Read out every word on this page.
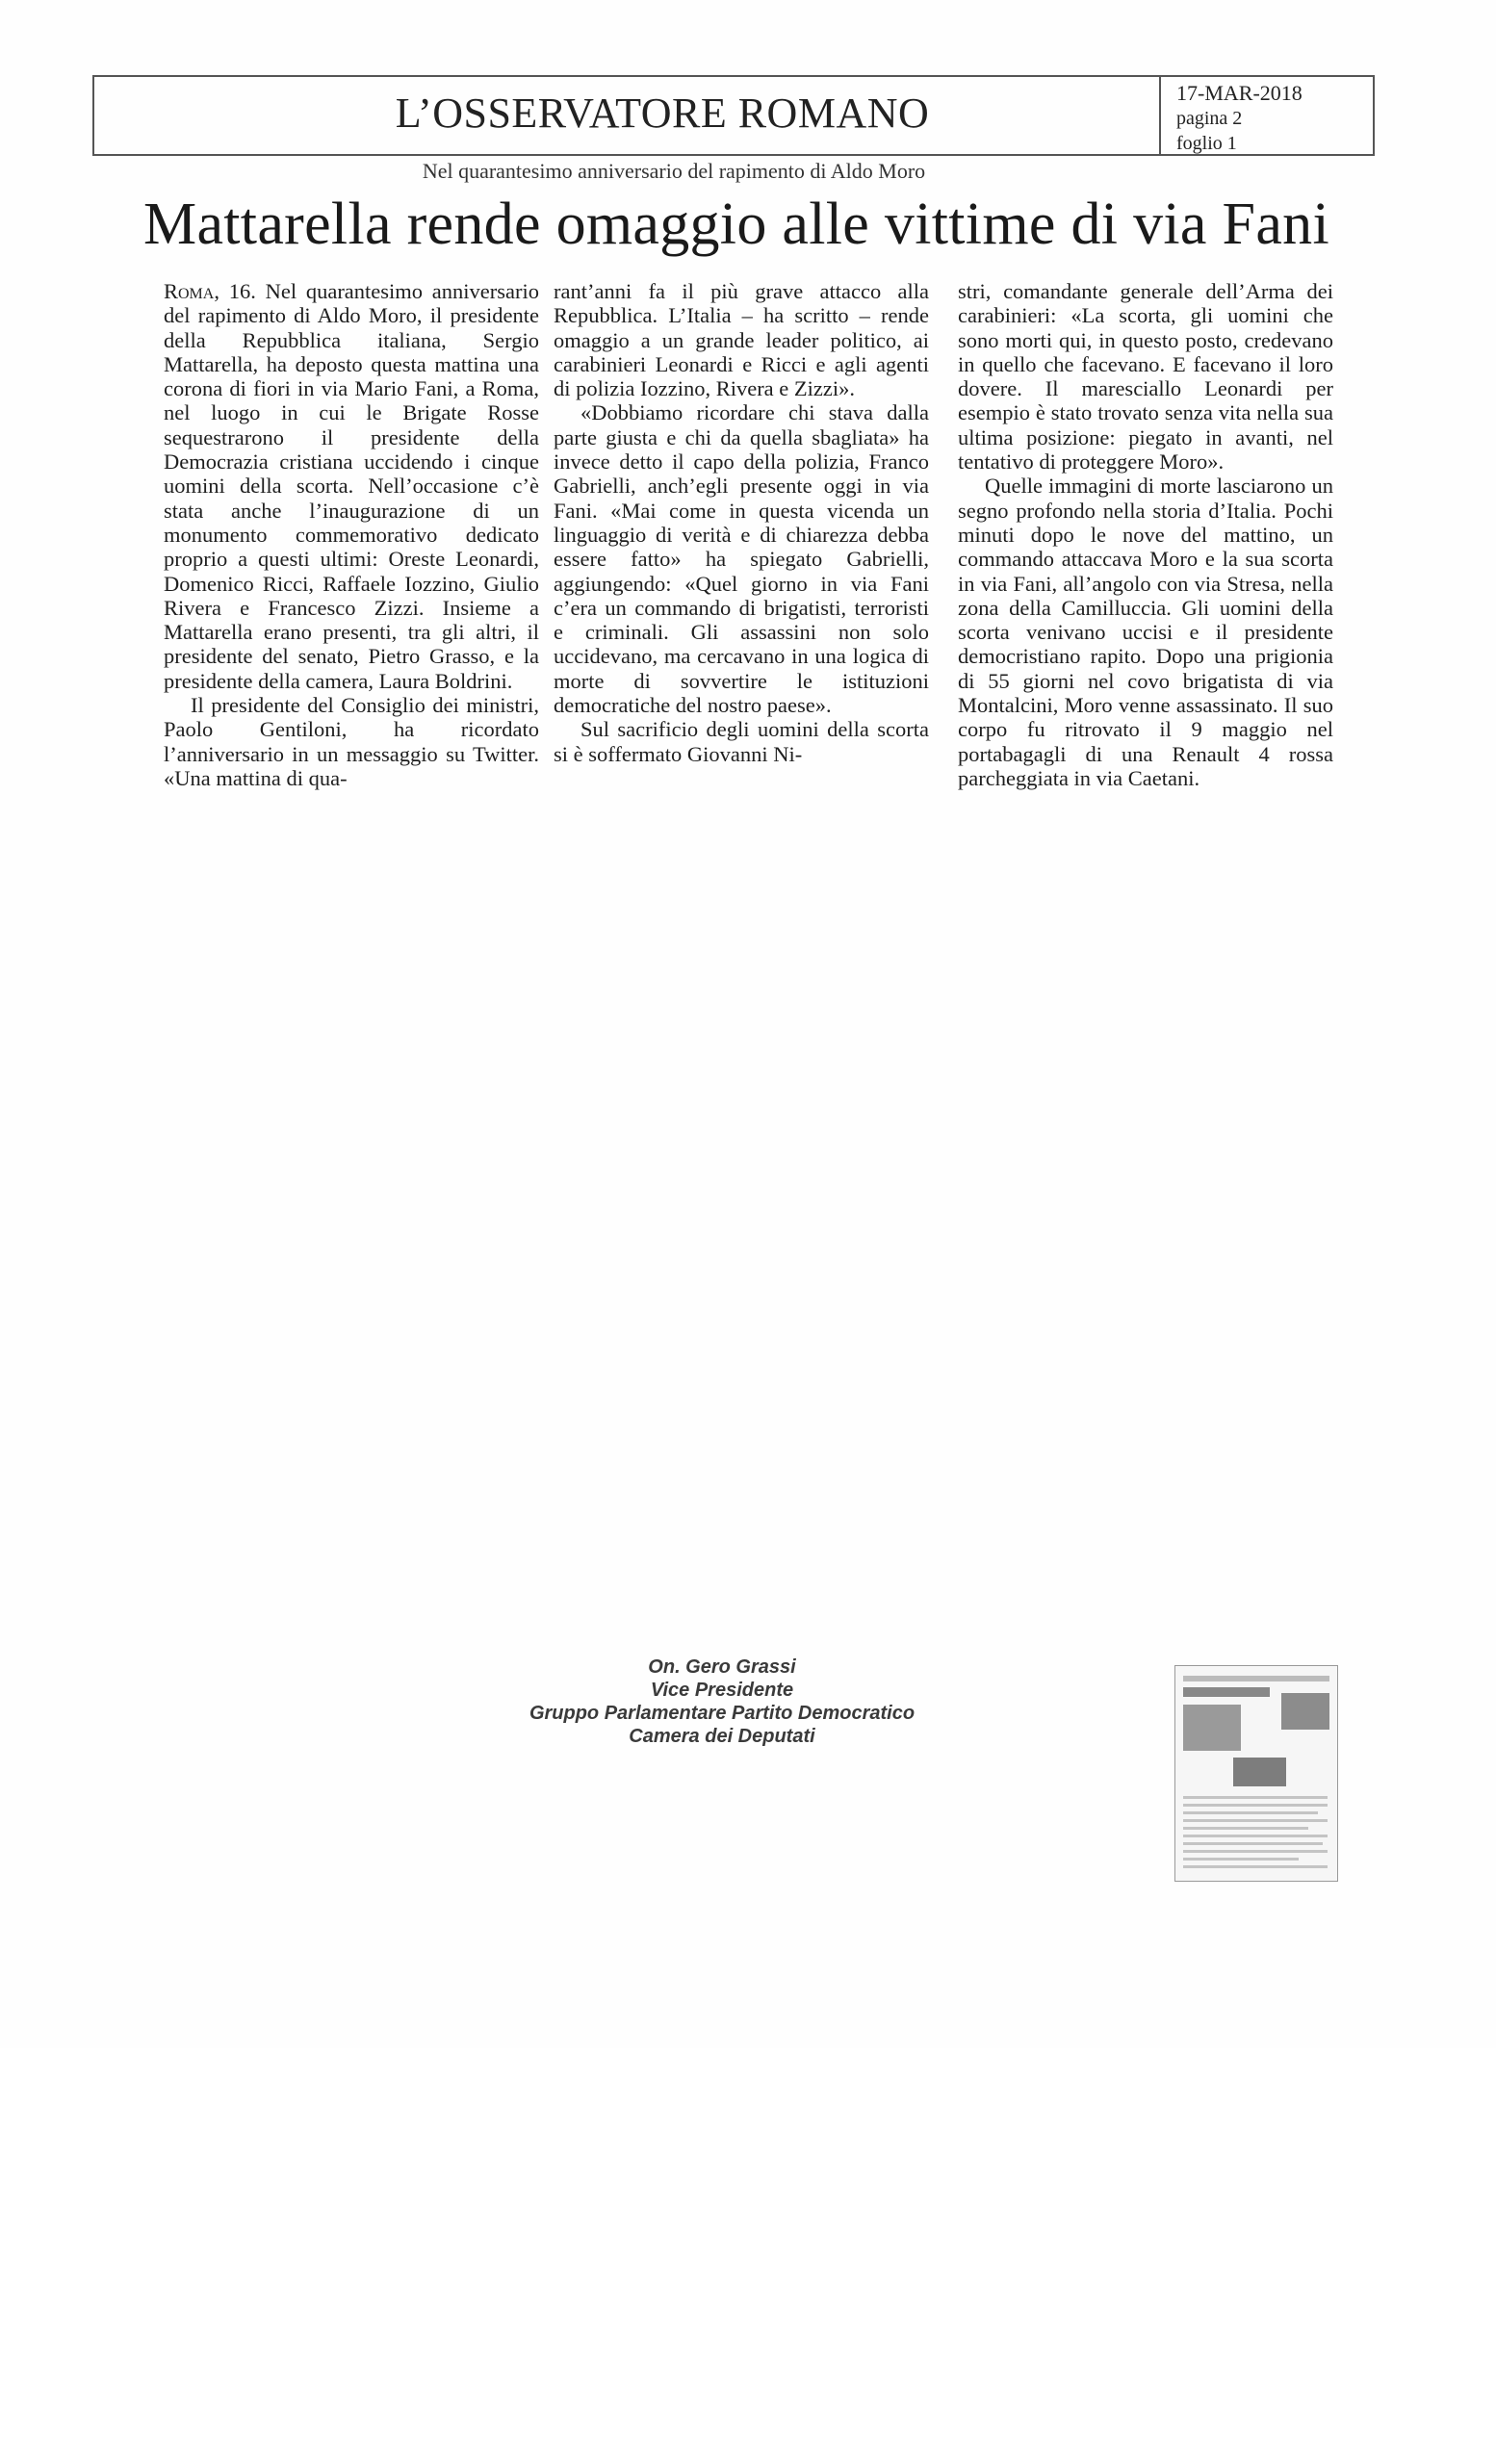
L’OSSERVATORE ROMANO	17-MAR-2018
pagina 2
foglio 1
Nel quarantesimo anniversario del rapimento di Aldo Moro
Mattarella rende omaggio alle vittime di via Fani

Roma, 16. Nel quarantesimo anniversario del rapimento di Aldo Moro, il presidente della Repubblica italiana, Sergio Mattarella, ha deposto questa mattina una corona di fiori in via Mario Fani, a Roma, nel luogo in cui le Brigate Rosse sequestrarono il presidente della Democrazia cristiana uccidendo i cinque uomini della scorta. Nell’occasione c’è stata anche l’inaugurazione di un monumento commemorativo dedicato proprio a questi ultimi: Oreste Leonardi, Domenico Ricci, Raffaele Iozzino, Giulio Rivera e Francesco Zizzi. Insieme a Mattarella erano presenti, tra gli altri, il presidente del senato, Pietro Grasso, e la presidente della camera, Laura Boldrini.

Il presidente del Consiglio dei ministri, Paolo Gentiloni, ha ricordato l’anniversario in un messaggio su Twitter. «Una mattina di qua-

rant’anni fa il più grave attacco alla Repubblica. L’Italia – ha scritto – rende omaggio a un grande leader politico, ai carabinieri Leonardi e Ricci e agli agenti di polizia Iozzino, Rivera e Zizzi».

«Dobbiamo ricordare chi stava dalla parte giusta e chi da quella sbagliata» ha invece detto il capo della polizia, Franco Gabrielli, anch’egli presente oggi in via Fani. «Mai come in questa vicenda un linguaggio di verità e di chiarezza debba essere fatto» ha spiegato Gabrielli, aggiungendo: «Quel giorno in via Fani c’era un commando di brigatisti, terroristi e criminali. Gli assassini non solo uccidevano, ma cercavano in una logica di morte di sovvertire le istituzioni democratiche del nostro paese».

Sul sacrificio degli uomini della scorta si è soffermato Giovanni Ni-

stri, comandante generale dell’Arma dei carabinieri: «La scorta, gli uomini che sono morti qui, in questo posto, credevano in quello che facevano. E facevano il loro dovere. Il maresciallo Leonardi per esempio è stato trovato senza vita nella sua ultima posizione: piegato in avanti, nel tentativo di proteggere Moro».

Quelle immagini di morte lasciarono un segno profondo nella storia d’Italia. Pochi minuti dopo le nove del mattino, un commando attaccava Moro e la sua scorta in via Fani, all’angolo con via Stresa, nella zona della Camilluccia. Gli uomini della scorta venivano uccisi e il presidente democristiano rapito. Dopo una prigionia di 55 giorni nel covo brigatista di via Montalcini, Moro venne assassinato. Il suo corpo fu ritrovato il 9 maggio nel portabagagli di una Renault 4 rossa parcheggiata in via Caetani.

On. Gero Grassi
Vice Presidente
Gruppo Parlamentare Partito Democratico
Camera dei Deputati
